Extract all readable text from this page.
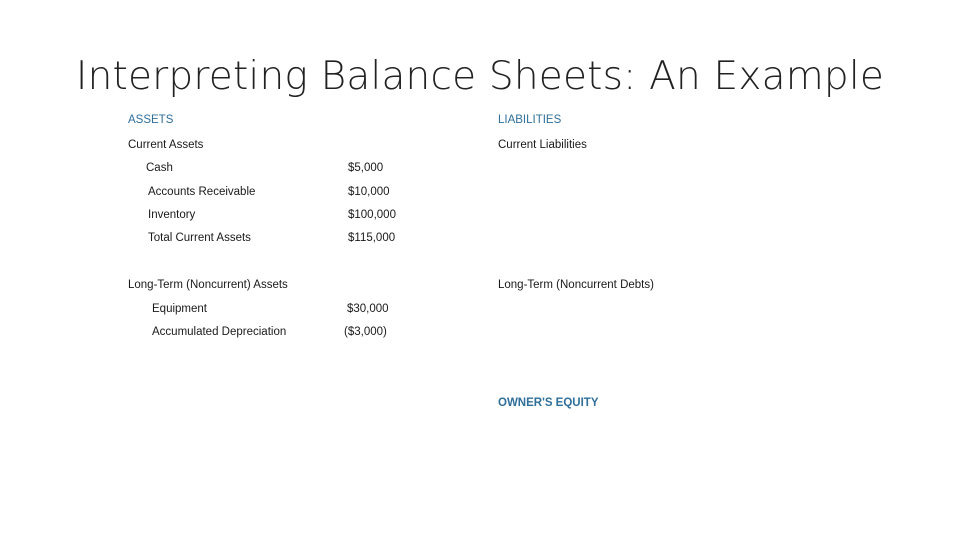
Interpreting Balance Sheets: An Example
ASSETS
Current Assets
Cash	$5,000
Accounts Receivable	$10,000
Inventory	$100,000
Total Current Assets	$115,000
Long-Term (Noncurrent) Assets
Equipment	$30,000
Accumulated Depreciation	($3,000)
LIABILITIES
Current Liabilities
Long-Term (Noncurrent Debts)
OWNER'S EQUITY
